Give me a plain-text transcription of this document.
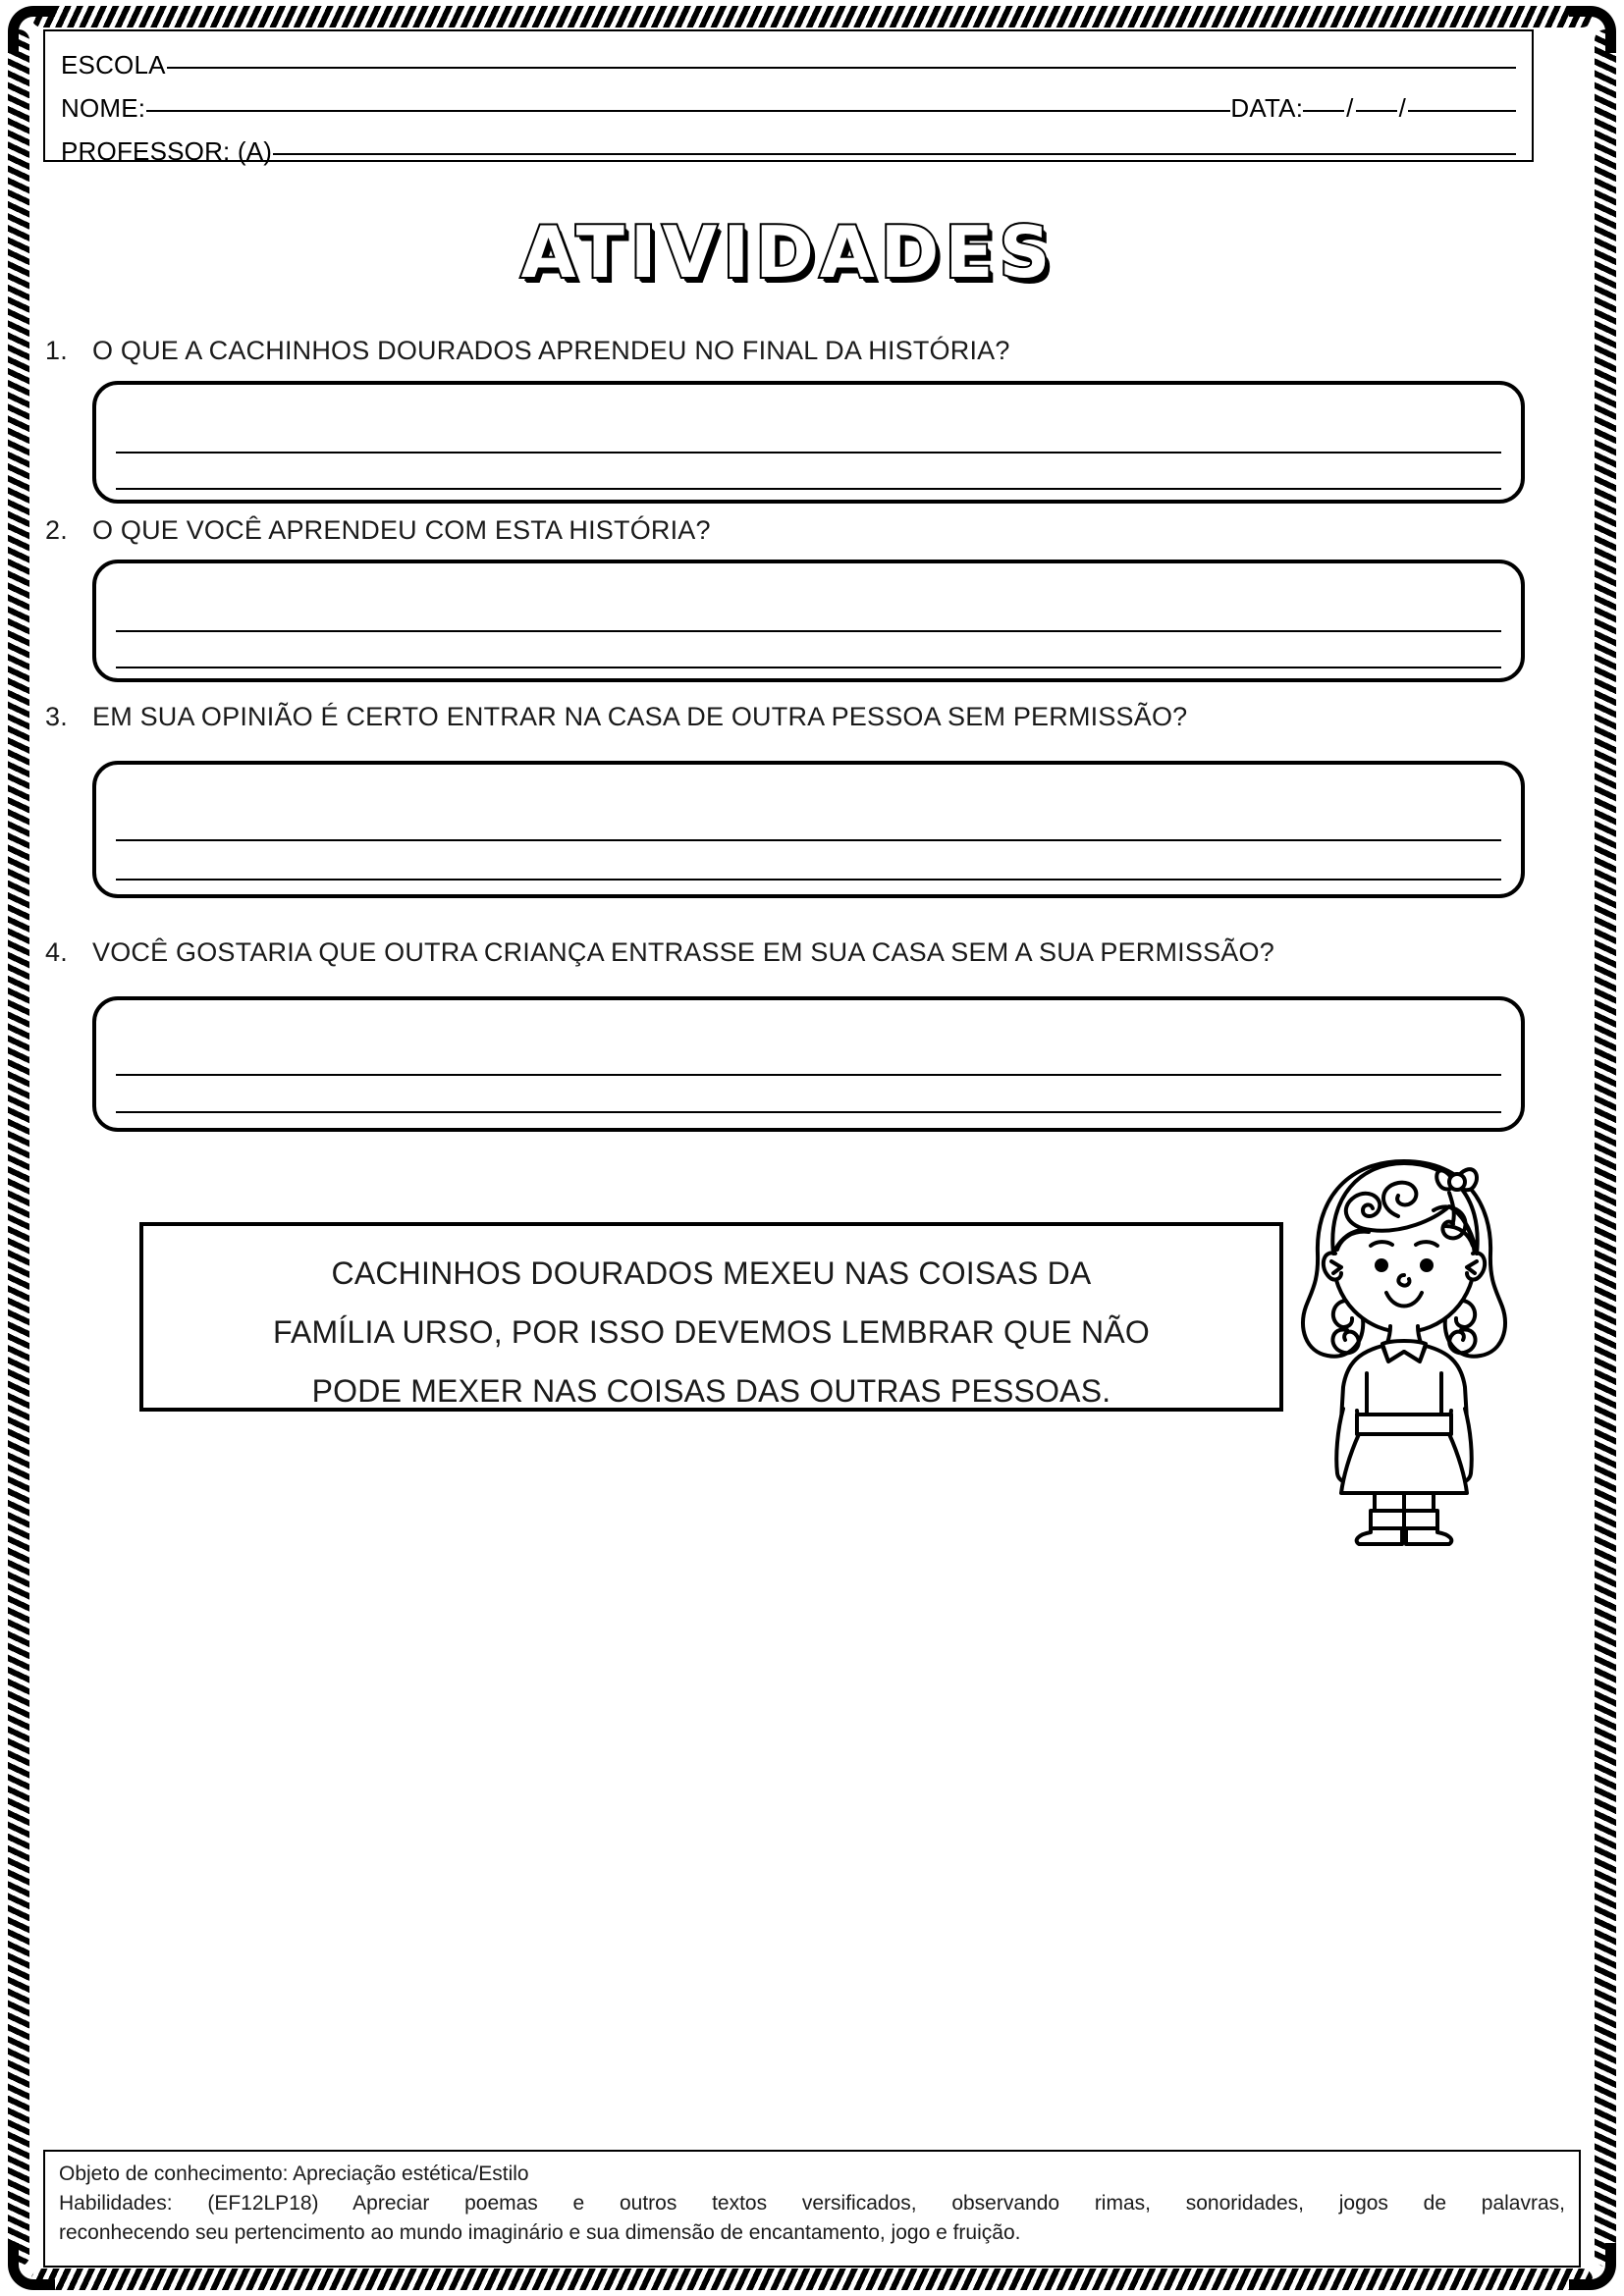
ESCOLA
NOME:	DATA: / /
PROFESSOR: (A)
ATIVIDADES
1. O QUE A CACHINHOS DOURADOS APRENDEU NO FINAL DA HISTÓRIA?
2. O QUE VOCÊ APRENDEU COM ESTA HISTÓRIA?
3. EM SUA OPINIÃO É CERTO ENTRAR NA CASA DE OUTRA PESSOA SEM PERMISSÃO?
4. VOCÊ GOSTARIA QUE OUTRA CRIANÇA ENTRASSE EM SUA CASA SEM A SUA PERMISSÃO?
CACHINHOS DOURADOS MEXEU NAS COISAS DA
FAMÍLIA URSO, POR ISSO DEVEMOS LEMBRAR QUE NÃO
PODE MEXER NAS COISAS DAS OUTRAS PESSOAS.
Objeto de conhecimento: Apreciação estética/Estilo
Habilidades: (EF12LP18) Apreciar poemas e outros textos versificados, observando rimas, sonoridades, jogos de palavras,
reconhecendo seu pertencimento ao mundo imaginário e sua dimensão de encantamento, jogo e fruição.
